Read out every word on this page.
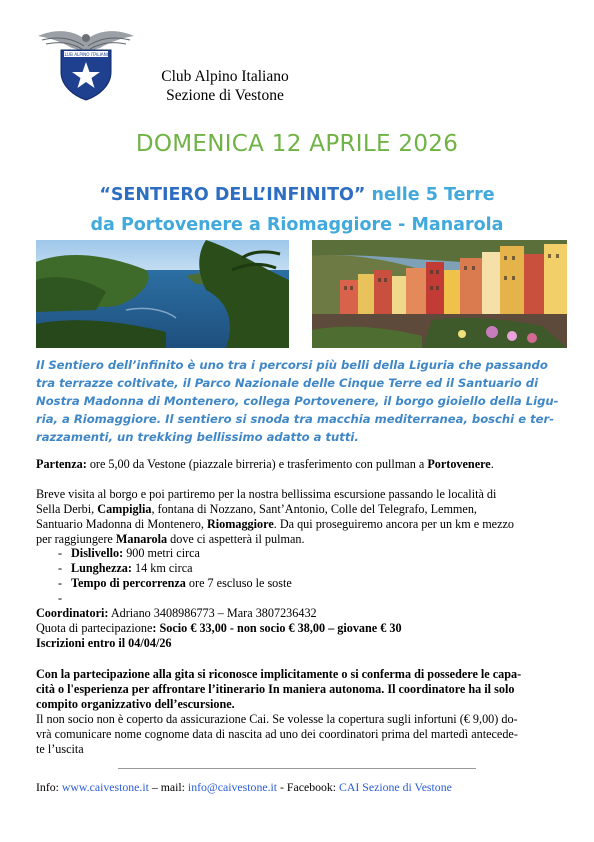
CLUB ALPINO ITALIANO
Club Alpino Italiano
Sezione di Vestone
DOMENICA 12 APRILE 2026
“SENTIERO DELL’INFINITO” nelle 5 Terre
da Portovenere a Riomaggiore - Manarola
Il Sentiero dell’infinito è uno tra i percorsi più belli della Liguria che passando
tra terrazze coltivate, il Parco Nazionale delle Cinque Terre ed il Santuario di
Nostra Madonna di Montenero, collega Portovenere, il borgo gioiello della Ligu-
ria, a Riomaggiore. Il sentiero si snoda tra macchia mediterranea, boschi e ter-
razzamenti, un trekking bellissimo adatto a tutti.
Partenza: ore 5,00 da Vestone (piazzale birreria) e trasferimento con pullman a Portovenere.
Breve visita al borgo e poi partiremo per la nostra bellissima escursione passando le località di
Sella Derbi, Campiglia, fontana di Nozzano, Sant’Antonio, Colle del Telegrafo, Lemmen,
Santuario Madonna di Montenero, Riomaggiore. Da qui proseguiremo ancora per un km e mezzo
per raggiungere Manarola dove ci aspetterà il pulman.
- Dislivello: 900 metri circa
- Lunghezza: 14 km circa
- Tempo di percorrenza ore 7 escluso le soste
-
Coordinatori: Adriano 3408986773 – Mara 3807236432
Quota di partecipazione: Socio € 33,00 - non socio € 38,00 – giovane € 30
Iscrizioni entro il 04/04/26
Con la partecipazione alla gita si riconosce implicitamente o si conferma di possedere le capa-
cità o l'esperienza per affrontare l’itinerario In maniera autonoma. Il coordinatore ha il solo
compito organizzativo dell’escursione.
Il non socio non è coperto da assicurazione Cai. Se volesse la copertura sugli infortuni (€ 9,00) do-
vrà comunicare nome cognome data di nascita ad uno dei coordinatori prima del martedì antecede-
te l’uscita
Info: www.caivestone.it – mail: info@caivestone.it - Facebook: CAI Sezione di Vestone
